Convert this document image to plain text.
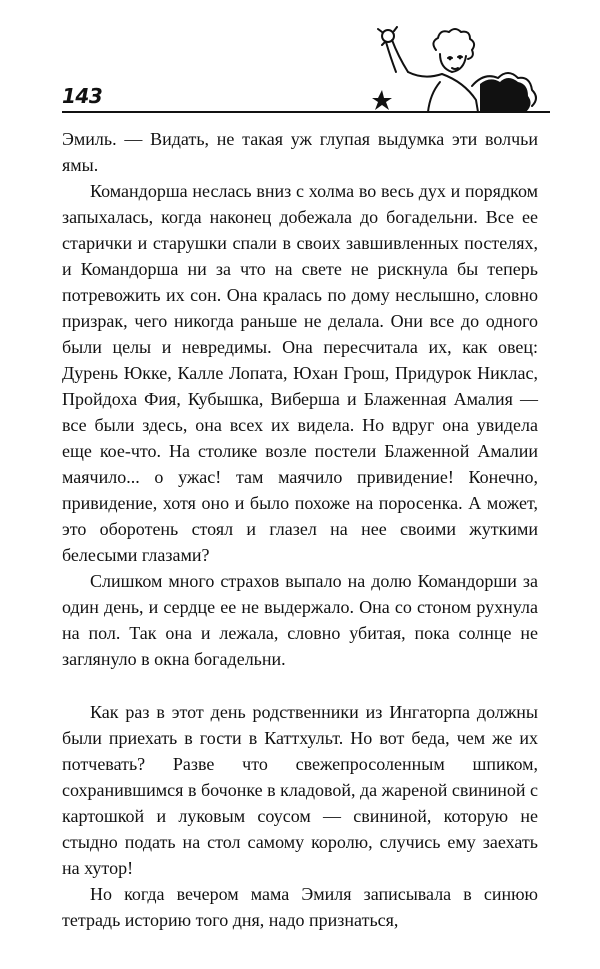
143

Эмиль. — Видать, не такая уж глупая выдумка эти волчьи ямы.

Командорша неслась вниз с холма во весь дух и порядком запыхалась, когда наконец добежала до богадельни. Все ее старички и старушки спали в своих завшивленных постелях, и Командорша ни за что на свете не рискнула бы теперь потревожить их сон. Она кралась по дому неслышно, словно призрак, чего никогда раньше не делала. Они все до одного были целы и невредимы. Она пересчитала их, как овец: Дурень Юкке, Калле Лопата, Юхан Грош, Придурок Никлас, Пройдоха Фия, Кубышка, Виберша и Блаженная Амалия — все были здесь, она всех их видела. Но вдруг она увидела еще кое-что. На столике возле постели Блаженной Амалии маячило... о ужас! там маячило привидение! Конечно, привидение, хотя оно и было похоже на поросенка. А может, это оборотень стоял и глазел на нее своими жуткими белесыми глазами?

Слишком много страхов выпало на долю Командорши за один день, и сердце ее не выдержало. Она со стоном рухнула на пол. Так она и лежала, словно убитая, пока солнце не заглянуло в окна богадельни.

Как раз в этот день родственники из Ингаторпа должны были приехать в гости в Каттхульт. Но вот беда, чем же их потчевать? Разве что свежепросоленным шпиком, сохранившимся в бочонке в кладовой, да жареной свининой с картошкой и луковым соусом — свининой, которую не стыдно подать на стол самому королю, случись ему заехать на хутор!

Но когда вечером мама Эмиля записывала в синюю тетрадь историю того дня, надо признаться,
